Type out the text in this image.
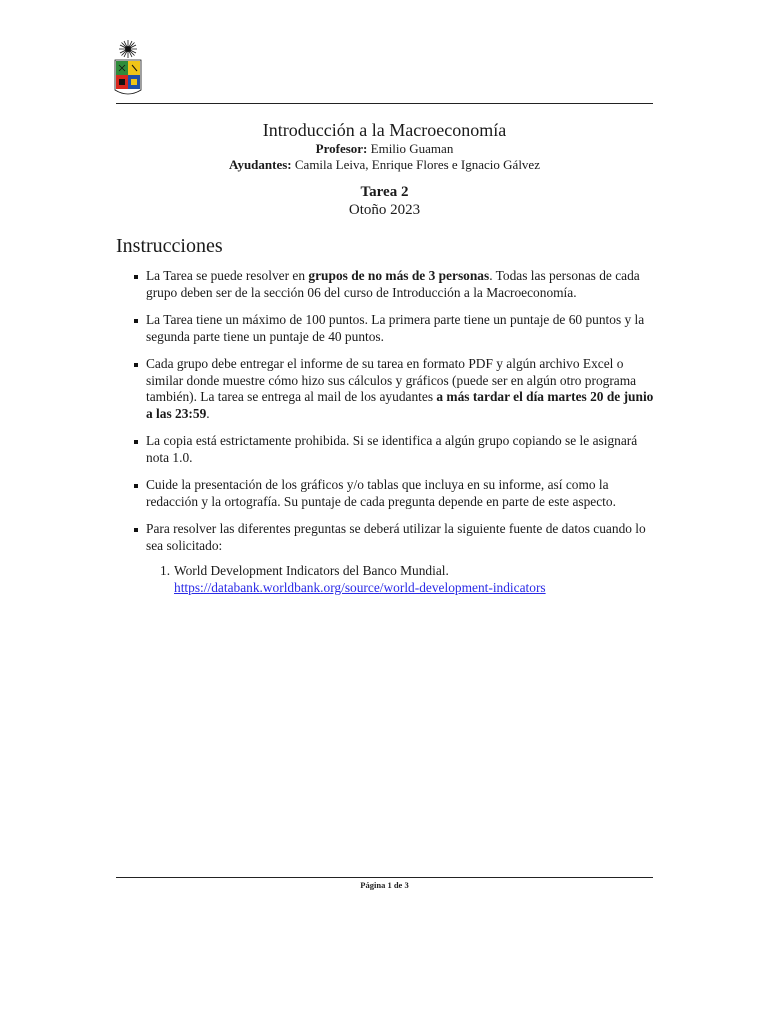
Introducción a la Macroeconomía
Profesor: Emilio Guaman
Ayudantes: Camila Leiva, Enrique Flores e Ignacio Gálvez
Tarea 2
Otoño 2023
Instrucciones
La Tarea se puede resolver en grupos de no más de 3 personas. Todas las personas de cada grupo deben ser de la sección 06 del curso de Introducción a la Macroeconomía.
La Tarea tiene un máximo de 100 puntos. La primera parte tiene un puntaje de 60 puntos y la segunda parte tiene un puntaje de 40 puntos.
Cada grupo debe entregar el informe de su tarea en formato PDF y algún archivo Excel o similar donde muestre cómo hizo sus cálculos y gráficos (puede ser en algún otro programa también). La tarea se entrega al mail de los ayudantes a más tardar el día martes 20 de junio a las 23:59.
La copia está estrictamente prohibida. Si se identifica a algún grupo copiando se le asignará nota 1.0.
Cuide la presentación de los gráficos y/o tablas que incluya en su informe, así como la redacción y la ortografía. Su puntaje de cada pregunta depende en parte de este aspecto.
Para resolver las diferentes preguntas se deberá utilizar la siguiente fuente de datos cuando lo sea solicitado:
1. World Development Indicators del Banco Mundial.
https://databank.worldbank.org/source/world-development-indicators
Página 1 de 3
